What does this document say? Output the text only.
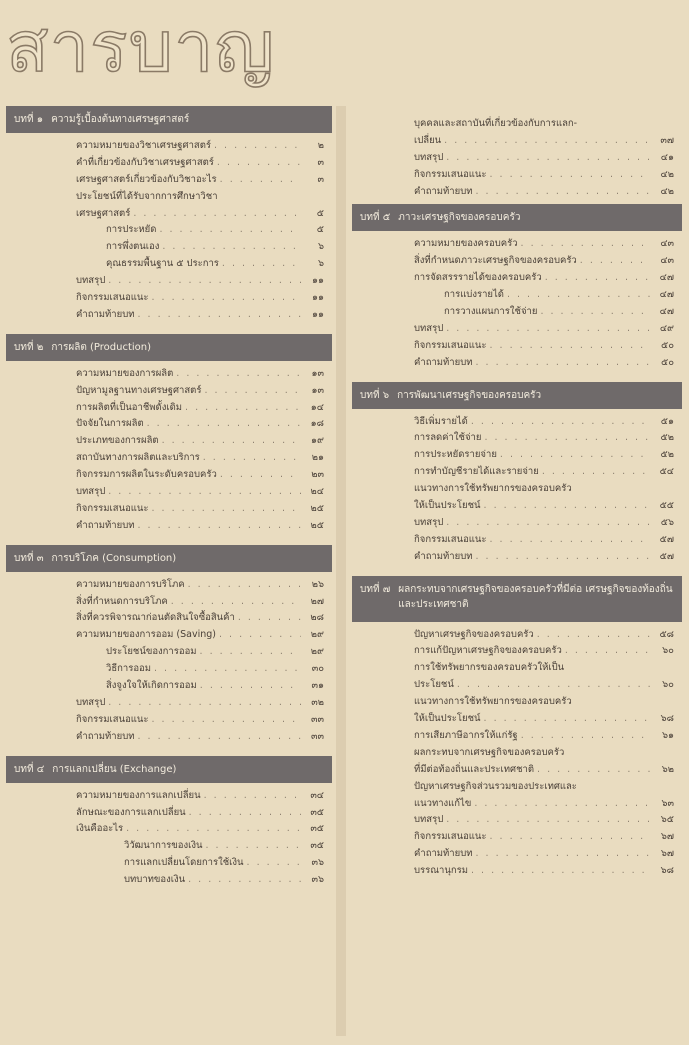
สารบาญ
บทที่ ๑ ความรู้เบื้องต้นทางเศรษฐศาสตร์
ความหมายของวิชาเศรษฐศาสตร์ . . .	๒
คำที่เกี่ยวข้องกับวิชาเศรษฐศาสตร์ . . .	๓
เศรษฐศาสตร์เกี่ยวข้องกับวิชาอะไร . . .	๓
ประโยชน์ที่ได้รับจากการศึกษาวิชา
เศรษฐศาสตร์ . . .	๕
การประหยัด . . .	๕
การพึ่งตนเอง . . .	๖
คุณธรรมพื้นฐาน ๕ ประการ . . .	๖
บทสรุป . . .	๑๑
กิจกรรมเสนอแนะ . . .	๑๑
คำถามท้ายบท . . .	๑๑
บทที่ ๒ การผลิต (Production)
ความหมายของการผลิต . . .	๑๓
ปัญหามูลฐานทางเศรษฐศาสตร์ . . .	๑๓
การผลิตที่เป็นอาชีพดั้งเดิม . . .	๑๔
ปัจจัยในการผลิต . . .	๑๘
ประเภทของการผลิต . . .	๑๙
สถาบันทางการผลิตและบริการ . . .	๒๑
กิจกรรมการผลิตในระดับครอบครัว . . .	๒๓
บทสรุป . . .	๒๔
กิจกรรมเสนอแนะ . . .	๒๕
คำถามท้ายบท . . .	๒๕
บทที่ ๓ การบริโภค (Consumption)
ความหมายของการบริโภค . . .	๒๖
สิ่งที่กำหนดการบริโภค . . .	๒๗
สิ่งที่ควรพิจารณาก่อนตัดสินใจซื้อสินค้า . . .	๒๘
ความหมายของการออม (Saving) . . .	๒๙
ประโยชน์ของการออม . . .	๒๙
วิธีการออม . . .	๓๐
สิ่งจูงใจให้เกิดการออม . . .	๓๑
บทสรุป . . .	๓๒
กิจกรรมเสนอแนะ . . .	๓๓
คำถามท้ายบท . . .	๓๓
บทที่ ๔ การแลกเปลี่ยน (Exchange)
ความหมายของการแลกเปลี่ยน . . .	๓๔
ลักษณะของการแลกเปลี่ยน . . .	๓๕
เงินคืออะไร . . .	๓๕
วิวัฒนาการของเงิน . . .	๓๕
การแลกเปลี่ยนโดยการใช้เงิน . . .	๓๖
บทบาทของเงิน . . .	๓๖
บุคคลและสถาบันที่เกี่ยวข้องกับการแลก-
เปลี่ยน . . .	๓๗
บทสรุป . . .	๔๑
กิจกรรมเสนอแนะ . . .	๔๒
คำถามท้ายบท . . .	๔๒
บทที่ ๕ ภาวะเศรษฐกิจของครอบครัว
ความหมายของครอบครัว . . .	๔๓
สิ่งที่กำหนดภาวะเศรษฐกิจของครอบครัว . . .	๔๓
การจัดสรรรายได้ของครอบครัว . . .	๔๗
การแบ่งรายได้ . . .	๔๗
การวางแผนการใช้จ่าย . . .	๔๗
บทสรุป . . .	๔๙
กิจกรรมเสนอแนะ . . .	๕๐
คำถามท้ายบท . . .	๕๐
บทที่ ๖ การพัฒนาเศรษฐกิจของครอบครัว
วิธีเพิ่มรายได้ . . .	๕๑
การลดค่าใช้จ่าย . . .	๕๒
การประหยัดรายจ่าย . . .	๕๒
การทำบัญชีรายได้และรายจ่าย . . .	๕๔
แนวทางการใช้ทรัพยากรของครอบครัว
ให้เป็นประโยชน์ . . .	๕๕
บทสรุป . . .	๕๖
กิจกรรมเสนอแนะ . . .	๕๗
คำถามท้ายบท . . .	๕๗
บทที่ ๗ ผลกระทบจากเศรษฐกิจของครอบครัวที่มีต่อ เศรษฐกิจของท้องถิ่นและประเทศชาติ
ปัญหาเศรษฐกิจของครอบครัว . . .	๕๘
การแก้ปัญหาเศรษฐกิจของครอบครัว . . .	๖๐
การใช้ทรัพยากรของครอบครัวให้เป็น
ประโยชน์ . . .	๖๐
แนวทางการใช้ทรัพยากรของครอบครัว
ให้เป็นประโยชน์ . . .	๖๘
การเสียภาษีอากรให้แก่รัฐ . . .	๖๑
ผลกระทบจากเศรษฐกิจของครอบครัว
ที่มีต่อท้องถิ่นและประเทศชาติ . . .	๖๒
ปัญหาเศรษฐกิจส่วนรวมของประเทศและ
แนวทางแก้ไข . . .	๖๓
บทสรุป . . .	๖๕
กิจกรรมเสนอแนะ . . .	๖๗
คำถามท้ายบท . . .	๖๗
บรรณานุกรม . . .	๖๘
